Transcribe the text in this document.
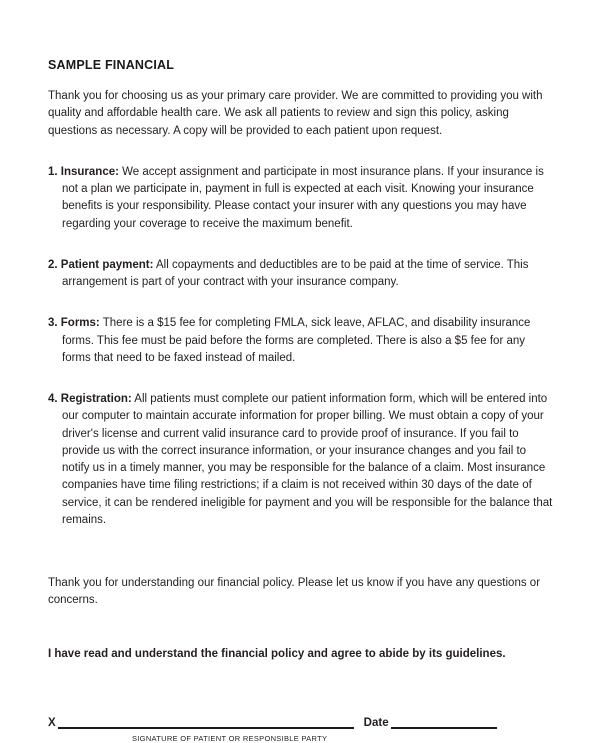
SAMPLE FINANCIAL

Thank you for choosing us as your primary care provider. We are committed to providing you with quality and affordable health care. We ask all patients to review and sign this policy, asking questions as necessary. A copy will be provided to each patient upon request.

1. Insurance: We accept assignment and participate in most insurance plans. If your insurance is not a plan we participate in, payment in full is expected at each visit. Knowing your insurance benefits is your responsibility. Please contact your insurer with any questions you may have regarding your coverage to receive the maximum benefit.

2. Patient payment: All copayments and deductibles are to be paid at the time of service. This arrangement is part of your contract with your insurance company.

3. Forms: There is a $15 fee for completing FMLA, sick leave, AFLAC, and disability insurance forms. This fee must be paid before the forms are completed. There is also a $5 fee for any forms that need to be faxed instead of mailed.

4. Registration: All patients must complete our patient information form, which will be entered into our computer to maintain accurate information for proper billing. We must obtain a copy of your driver's license and current valid insurance card to provide proof of insurance. If you fail to provide us with the correct insurance information, or your insurance changes and you fail to notify us in a timely manner, you may be responsible for the balance of a claim. Most insurance companies have time filing restrictions; if a claim is not received within 30 days of the date of service, it can be rendered ineligible for payment and you will be responsible for the balance that remains.

Thank you for understanding our financial policy. Please let us know if you have any questions or concerns.

I have read and understand the financial policy and agree to abide by its guidelines.

X	Date
SIGNATURE OF PATIENT OR RESPONSIBLE PARTY
